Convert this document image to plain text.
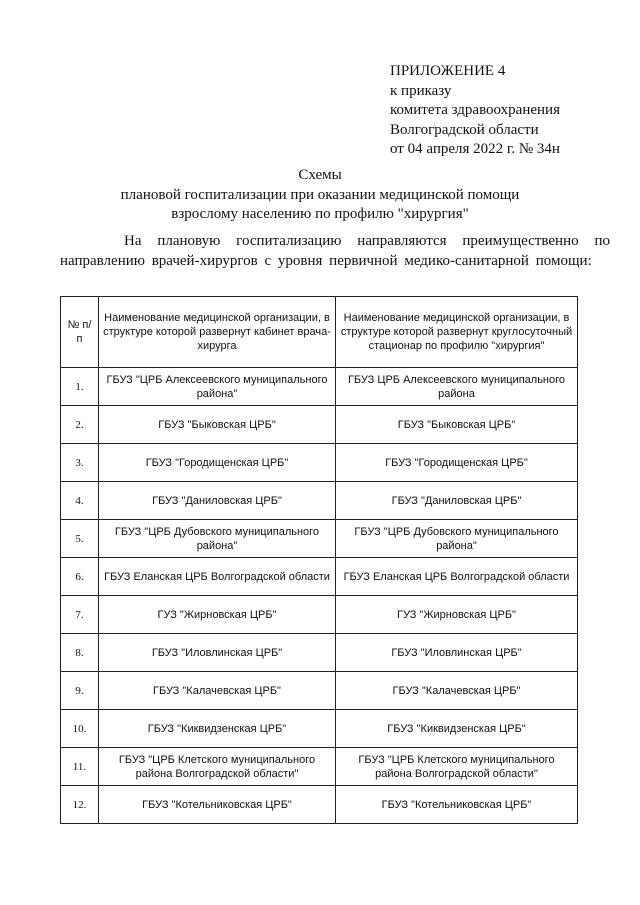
ПРИЛОЖЕНИЕ 4
к приказу
комитета здравоохранения
Волгоградской области
от 04 апреля 2022 г. № 34н
Схемы
плановой госпитализации при оказании медицинской помощи
взрослому населению по профилю "хирургия"
На плановую госпитализацию направляются преимущественно по направлению врачей-хирургов с уровня первичной медико-санитарной помощи:
№ п/п	Наименование медицинской организации, в структуре которой развернут кабинет врача-хирурга	Наименование медицинской организации, в структуре которой развернут круглосуточный стационар по профилю "хирургия"
1.	ГБУЗ "ЦРБ Алексеевского муниципального района"	ГБУЗ ЦРБ Алексеевского муниципального района
2.	ГБУЗ "Быковская ЦРБ"	ГБУЗ "Быковская ЦРБ"
3.	ГБУЗ "Городищенская ЦРБ"	ГБУЗ "Городищенская ЦРБ"
4.	ГБУЗ "Даниловская ЦРБ"	ГБУЗ "Даниловская ЦРБ"
5.	ГБУЗ "ЦРБ Дубовского муниципального района"	ГБУЗ "ЦРБ Дубовского муниципального района"
6.	ГБУЗ Еланская ЦРБ Волгоградской области	ГБУЗ Еланская ЦРБ Волгоградской области
7.	ГУЗ "Жирновская ЦРБ"	ГУЗ "Жирновская ЦРБ"
8.	ГБУЗ "Иловлинская ЦРБ"	ГБУЗ "Иловлинская ЦРБ"
9.	ГБУЗ "Калачевская ЦРБ"	ГБУЗ "Калачевская ЦРБ"
10.	ГБУЗ "Киквидзенская ЦРБ"	ГБУЗ "Киквидзенская ЦРБ"
11.	ГБУЗ "ЦРБ Клетского муниципального района Волгоградской области"	ГБУЗ "ЦРБ Клетского муниципального района Волгоградской области"
12.	ГБУЗ "Котельниковская ЦРБ"	ГБУЗ "Котельниковская ЦРБ"
